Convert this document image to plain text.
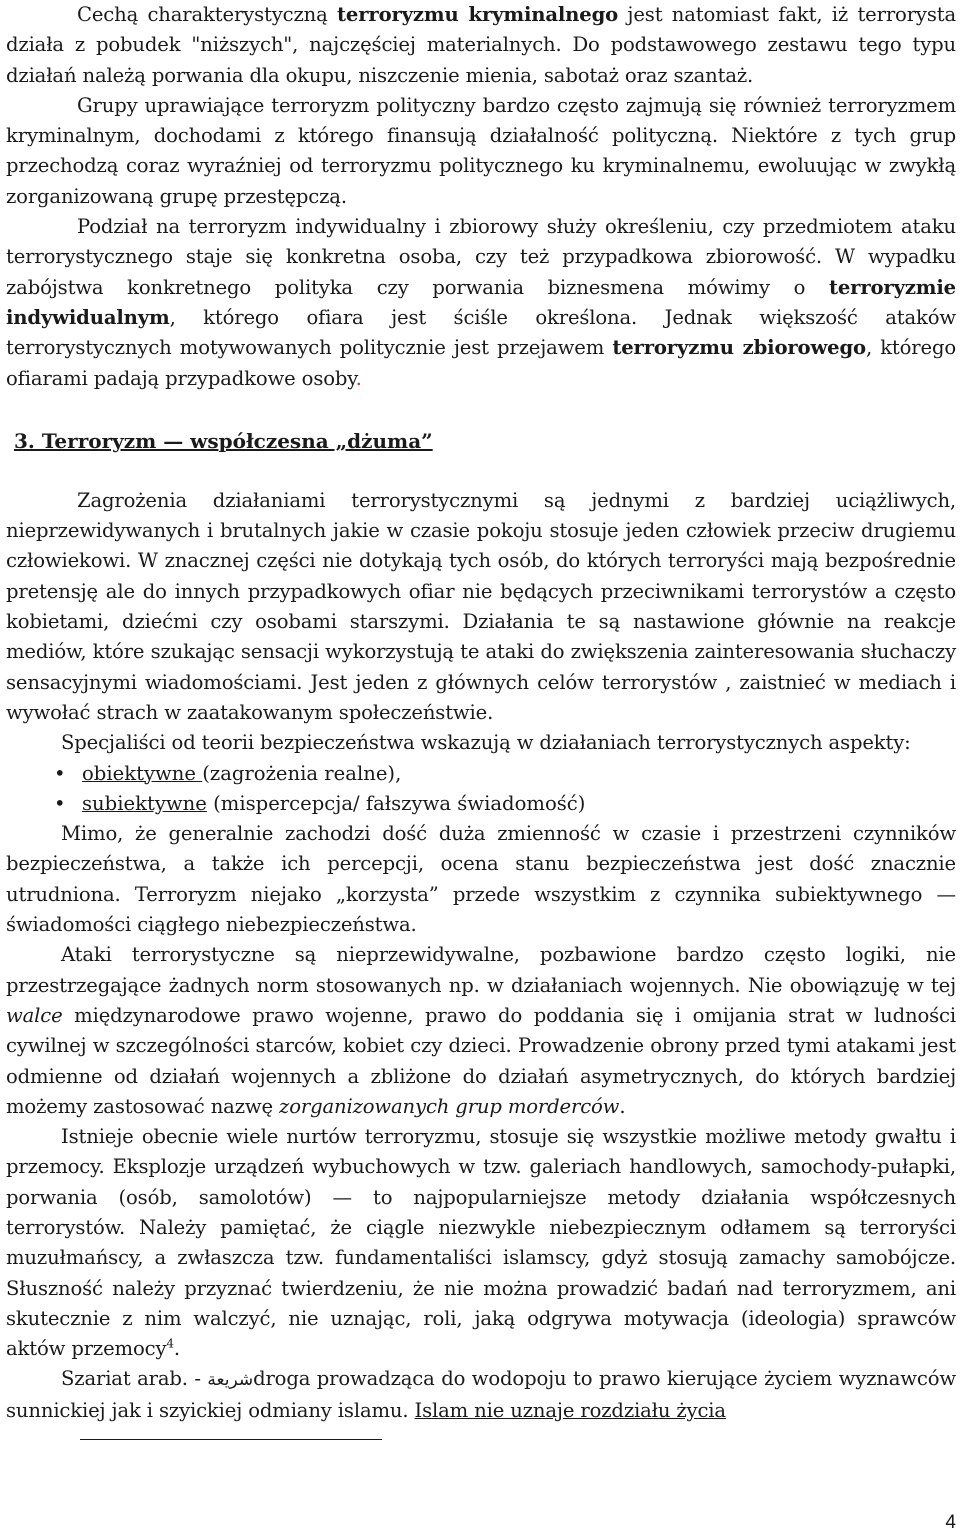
Cechą charakterystyczną terroryzmu kryminalnego jest natomiast fakt, iż terrorysta działa z pobudek "niższych", najczęściej materialnych. Do podstawowego zestawu tego typu działań należą porwania dla okupu, niszczenie mienia, sabotaż oraz szantaż.

Grupy uprawiające terroryzm polityczny bardzo często zajmują się również terroryzmem kryminalnym, dochodami z którego finansują działalność polityczną. Niektóre z tych grup przechodzą coraz wyraźniej od terroryzmu politycznego ku kryminalnemu, ewoluując w zwykłą zorganizowaną grupę przestępczą.

Podział na terroryzm indywidualny i zbiorowy służy określeniu, czy przedmiotem ataku terrorystycznego staje się konkretna osoba, czy też przypadkowa zbiorowość. W wypadku zabójstwa konkretnego polityka czy porwania biznesmena mówimy o terroryzmie indywidualnym, którego ofiara jest ściśle określona. Jednak większość ataków terrorystycznych motywowanych politycznie jest przejawem terroryzmu zbiorowego, którego ofiarami padają przypadkowe osoby.

3. Terroryzm — współczesna „dżuma”

Zagrożenia działaniami terrorystycznymi są jednymi z bardziej uciążliwych, nieprzewidywanych i brutalnych jakie w czasie pokoju stosuje jeden człowiek przeciw drugiemu człowiekowi. W znacznej części nie dotykają tych osób, do których terroryści mają bezpośrednie pretensję ale do innych przypadkowych ofiar nie będących przeciwnikami terrorystów a często kobietami, dziećmi czy osobami starszymi. Działania te są nastawione głównie na reakcje mediów, które szukając sensacji wykorzystują te ataki do zwiększenia zainteresowania słuchaczy sensacyjnymi wiadomościami. Jest jeden z głównych celów terrorystów , zaistnieć w mediach i wywołać strach w zaatakowanym społeczeństwie.

Specjaliści od teorii bezpieczeństwa wskazują w działaniach terrorystycznych aspekty:

• obiektywne (zagrożenia realne),
• subiektywne (mispercepcja/ fałszywa świadomość)

Mimo, że generalnie zachodzi dość duża zmienność w czasie i przestrzeni czynników bezpieczeństwa, a także ich percepcji, ocena stanu bezpieczeństwa jest dość znacznie utrudniona. Terroryzm niejako „korzysta” przede wszystkim z czynnika subiektywnego — świadomości ciągłego niebezpieczeństwa.

Ataki terrorystyczne są nieprzewidywalne, pozbawione bardzo często logiki, nie przestrzegające żadnych norm stosowanych np. w działaniach wojennych. Nie obowiązuję w tej walce międzynarodowe prawo wojenne, prawo do poddania się i omijania strat w ludności cywilnej w szczególności starców, kobiet czy dzieci. Prowadzenie obrony przed tymi atakami jest odmienne od działań wojennych a zbliżone do działań asymetrycznych, do których bardziej możemy zastosować nazwę zorganizowanych grup morderców.

Istnieje obecnie wiele nurtów terroryzmu, stosuje się wszystkie możliwe metody gwałtu i przemocy. Eksplozje urządzeń wybuchowych w tzw. galeriach handlowych, samochody-pułapki, porwania (osób, samolotów) — to najpopularniejsze metody działania współczesnych terrorystów. Należy pamiętać, że ciągle niezwykle niebezpiecznym odłamem są terroryści muzułmańscy, a zwłaszcza tzw. fundamentaliści islamscy, gdyż stosują zamachy samobójcze. Słuszność należy przyznać twierdzeniu, że nie można prowadzić badań nad terroryzmem, ani skutecznie z nim walczyć, nie uznając, roli, jaką odgrywa motywacja (ideologia) sprawców aktów przemocy$^4$.

Szariat arab. - شريعةdroga prowadząca do wodopoju to prawo kierujące życiem wyznawców sunnickiej jak i szyickiej odmiany islamu. Islam nie uznaje rozdziału życia

4
